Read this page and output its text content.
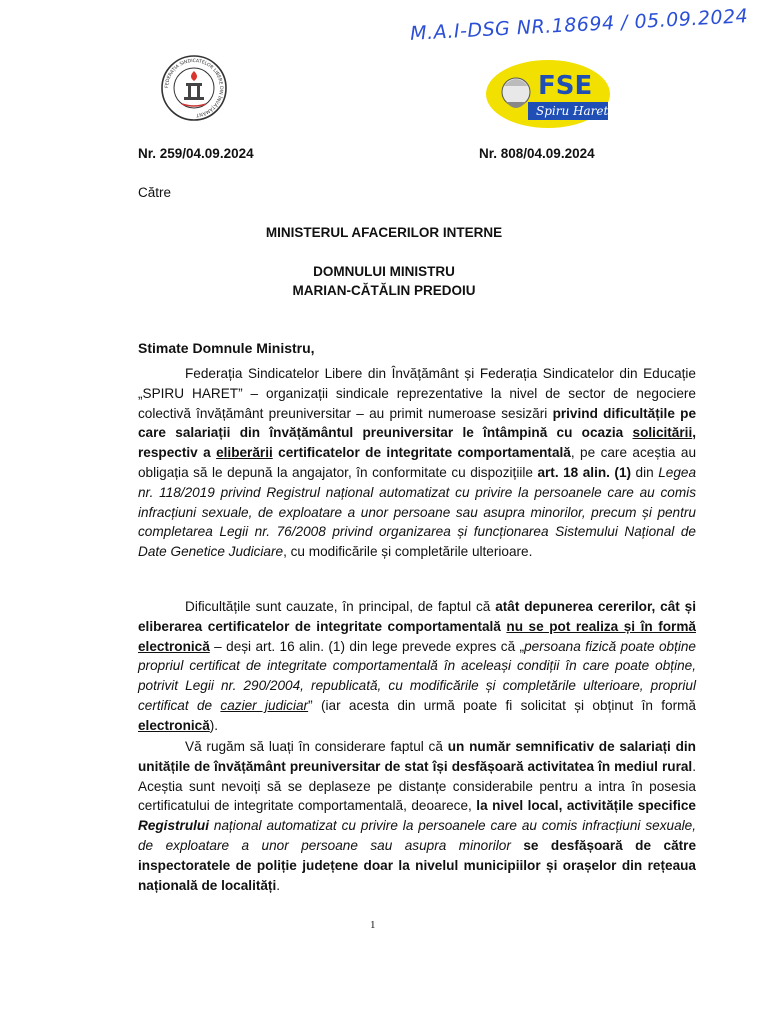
M.A.I-DSG NR.18694 / 05.09.2024
FEDERAȚIA SINDICATELOR LIBERE DIN ÎNVĂȚĂMÂNT
FSE
Spiru Haret
Nr. 259/04.09.2024	Nr. 808/04.09.2024
Către
MINISTERUL AFACERILOR INTERNE
DOMNULUI MINISTRU
MARIAN-CĂTĂLIN PREDOIU
Stimate Domnule Ministru,

Federația Sindicatelor Libere din Învățământ și Federația Sindicatelor din Educație „SPIRU HARET” – organizații sindicale reprezentative la nivel de sector de negociere colectivă învățământ preuniversitar – au primit numeroase sesizări privind dificultățile pe care salariații din învățământul preuniversitar le întâmpină cu ocazia solicitării, respectiv a eliberării certificatelor de integritate comportamentală, pe care aceștia au obligația să le depună la angajator, în conformitate cu dispozițiile art. 18 alin. (1) din Legea nr. 118/2019 privind Registrul național automatizat cu privire la persoanele care au comis infracțiuni sexuale, de exploatare a unor persoane sau asupra minorilor, precum și pentru completarea Legii nr. 76/2008 privind organizarea și funcționarea Sistemului Național de Date Genetice Judiciare, cu modificările și completările ulterioare.

Dificultățile sunt cauzate, în principal, de faptul că atât depunerea cererilor, cât și eliberarea certificatelor de integritate comportamentală nu se pot realiza și în formă electronică – deși art. 16 alin. (1) din lege prevede expres că „persoana fizică poate obține propriul certificat de integritate comportamentală în aceleași condiții în care poate obține, potrivit Legii nr. 290/2004, republicată, cu modificările și completările ulterioare, propriul certificat de cazier judiciar” (iar acesta din urmă poate fi solicitat și obținut în formă electronică).

Vă rugăm să luați în considerare faptul că un număr semnificativ de salariați din unitățile de învățământ preuniversitar de stat își desfășoară activitatea în mediul rural. Aceștia sunt nevoiți să se deplaseze pe distanțe considerabile pentru a intra în posesia certificatului de integritate comportamentală, deoarece, la nivel local, activitățile specifice Registrului național automatizat cu privire la persoanele care au comis infracțiuni sexuale, de exploatare a unor persoane sau asupra minorilor se desfășoară de către inspectoratele de poliție județene doar la nivelul municipiilor și orașelor din rețeaua națională de localități.

1
